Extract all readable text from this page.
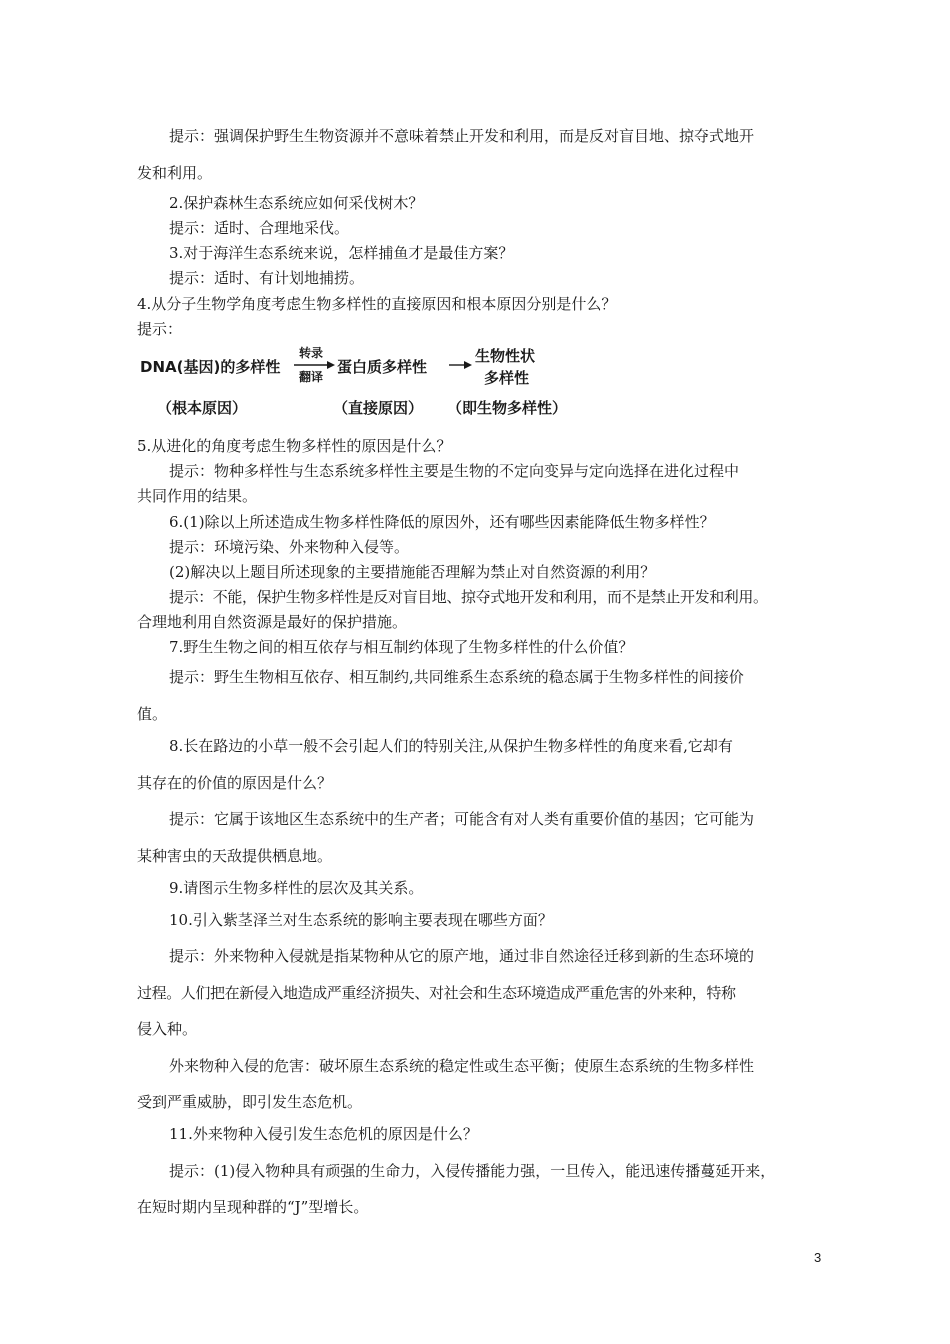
提示：强调保护野生生物资源并不意味着禁止开发和利用，而是反对盲目地、掠夺式地开
发和利用。
2.保护森林生态系统应如何采伐树木？
提示：适时、合理地采伐。
3.对于海洋生态系统来说，怎样捕鱼才是最佳方案？
提示：适时、有计划地捕捞。
4.从分子生物学角度考虑生物多样性的直接原因和根本原因分别是什么？
提示：
DNA(基因)的多样性
转录
翻译
蛋白质多样性
生物性状
多样性
（根本原因）	（直接原因） （即生物多样性）
5.从进化的角度考虑生物多样性的原因是什么？
提示：物种多样性与生态系统多样性主要是生物的不定向变异与定向选择在进化过程中
共同作用的结果。
6.(1)除以上所述造成生物多样性降低的原因外，还有哪些因素能降低生物多样性？
提示：环境污染、外来物种入侵等。
(2)解决以上题目所述现象的主要措施能否理解为禁止对自然资源的利用？
提示：不能，保护生物多样性是反对盲目地、掠夺式地开发和利用，而不是禁止开发和利用。
合理地利用自然资源是最好的保护措施。
7.野生生物之间的相互依存与相互制约体现了生物多样性的什么价值？
提示：野生生物相互依存、相互制约,共同维系生态系统的稳态属于生物多样性的间接价
值。
8.长在路边的小草一般不会引起人们的特别关注,从保护生物多样性的角度来看,它却有
其存在的价值的原因是什么？
提示：它属于该地区生态系统中的生产者；可能含有对人类有重要价值的基因；它可能为
某种害虫的天敌提供栖息地。
9.请图示生物多样性的层次及其关系。
10.引入紫茎泽兰对生态系统的影响主要表现在哪些方面？
提示：外来物种入侵就是指某物种从它的原产地，通过非自然途径迁移到新的生态环境的
过程。人们把在新侵入地造成严重经济损失、对社会和生态环境造成严重危害的外来种，特称
侵入种。
外来物种入侵的危害：破坏原生态系统的稳定性或生态平衡；使原生态系统的生物多样性
受到严重威胁，即引发生态危机。
11.外来物种入侵引发生态危机的原因是什么？
提示：(1)侵入物种具有顽强的生命力，入侵传播能力强，一旦传入，能迅速传播蔓延开来，
在短时期内呈现种群的“J”型增长。
3
